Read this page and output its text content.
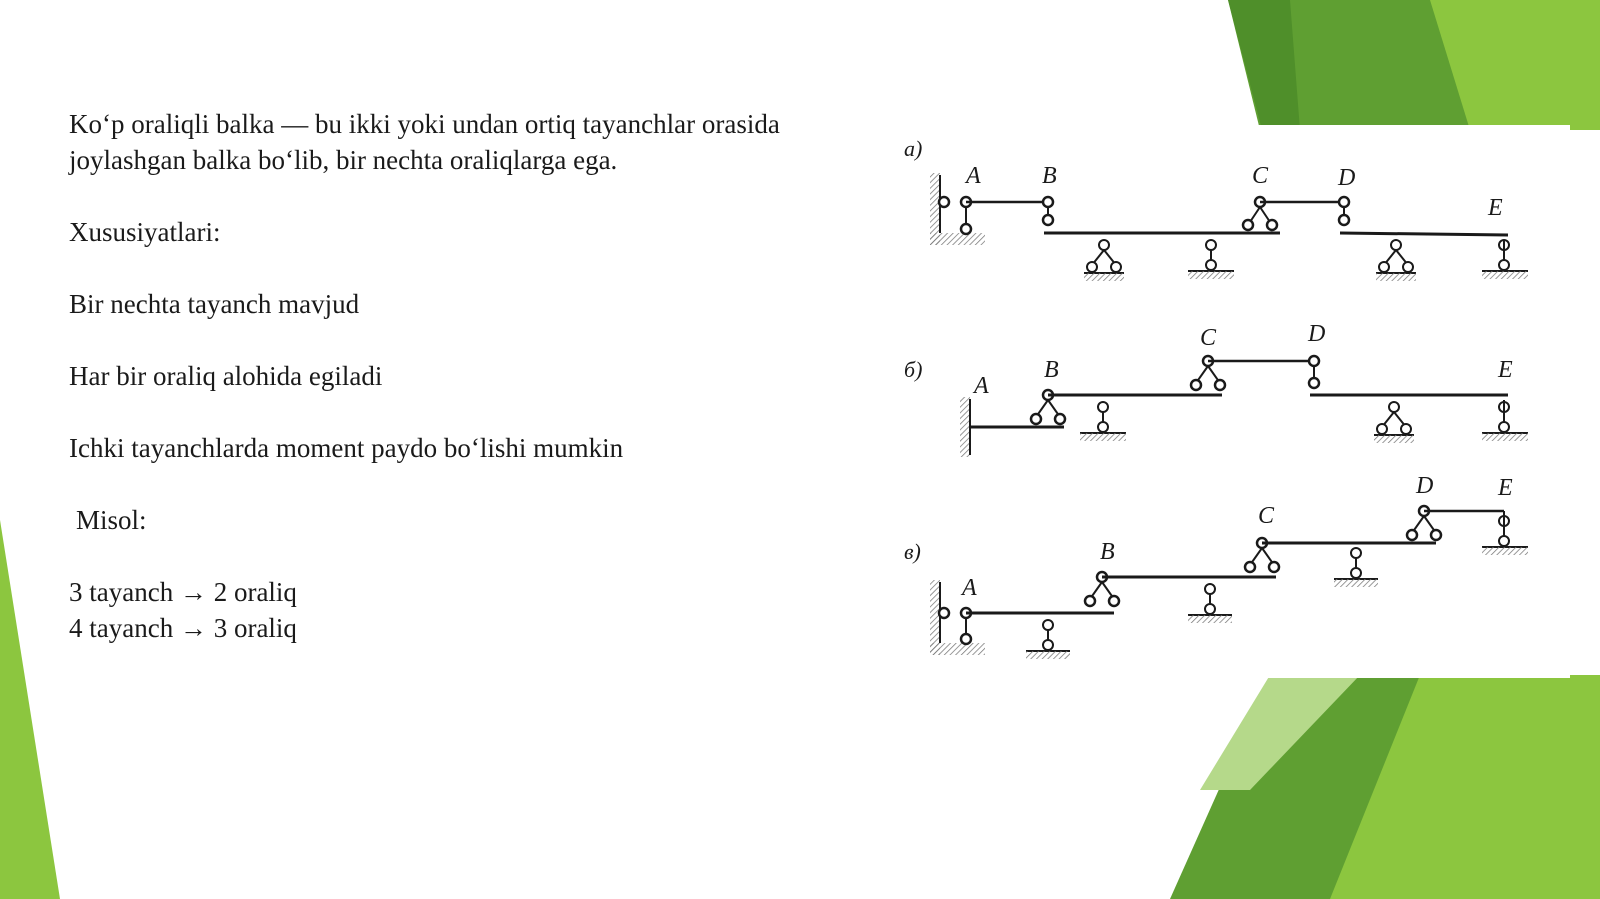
Ko‘p oraliqli balka — bu ikki yoki undan ortiq tayanchlar orasida

joylashgan balka bo‘lib, bir nechta oraliqlarga ega.

Xususiyatlari:

Bir nechta tayanch mavjud

Har bir oraliq alohida egiladi

Ichki tayanchlarda moment paydo bo‘lishi mumkin

Misol:

3 tayanch → 2 oraliq

4 tayanch → 3 oraliq

a)
A	B	C	D
E
б)
A
B
C	D
E
в)
A
B
C
D	E
